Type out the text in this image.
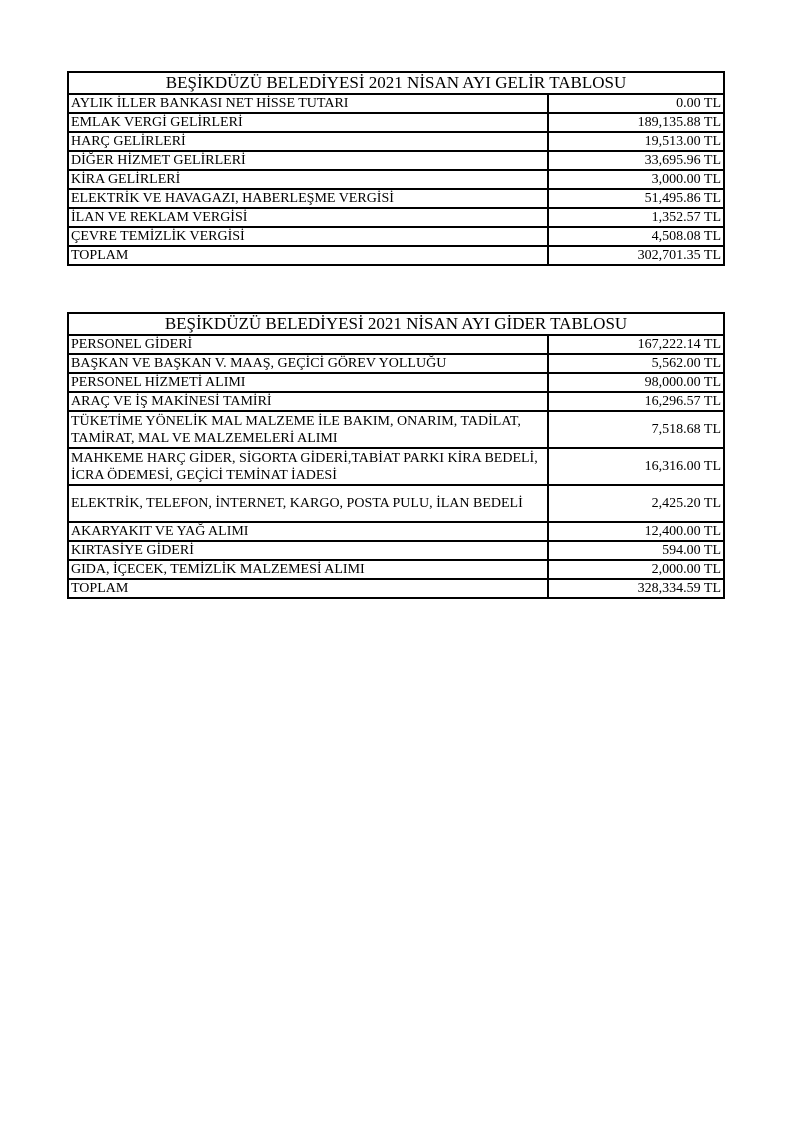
BEŞİKDÜZÜ BELEDİYESİ 2021 NİSAN AYI GELİR TABLOSU	
AYLIK İLLER BANKASI NET HİSSE TUTARI	0.00 TL
EMLAK VERGİ GELİRLERİ	189,135.88 TL
HARÇ GELİRLERİ	19,513.00 TL
DİĞER HİZMET GELİRLERİ	33,695.96 TL
KİRA GELİRLERİ	3,000.00 TL
ELEKTRİK VE HAVAGAZI, HABERLEŞME VERGİSİ	51,495.86 TL
İLAN VE REKLAM VERGİSİ	1,352.57 TL
ÇEVRE TEMİZLİK VERGİSİ	4,508.08 TL
TOPLAM	302,701.35 TL
BEŞİKDÜZÜ BELEDİYESİ 2021 NİSAN AYI GİDER TABLOSU	
PERSONEL GİDERİ	167,222.14 TL
BAŞKAN VE BAŞKAN V. MAAŞ, GEÇİCİ GÖREV YOLLUĞU	5,562.00 TL
PERSONEL HİZMETİ ALIMI	98,000.00 TL
ARAÇ VE İŞ MAKİNESİ TAMİRİ	16,296.57 TL
TÜKETİME YÖNELİK MAL MALZEME İLE BAKIM, ONARIM, TADİLAT, TAMİRAT, MAL VE MALZEMELERİ ALIMI	7,518.68 TL
MAHKEME HARÇ GİDER, SİGORTA GİDERİ,TABİAT PARKI KİRA BEDELİ, İCRA ÖDEMESİ, GEÇİCİ TEMİNAT İADESİ	16,316.00 TL
ELEKTRİK, TELEFON, İNTERNET, KARGO, POSTA PULU, İLAN BEDELİ	2,425.20 TL
AKARYAKIT VE YAĞ ALIMI	12,400.00 TL
KIRTASİYE GİDERİ	594.00 TL
GIDA, İÇECEK, TEMİZLİK MALZEMESİ ALIMI	2,000.00 TL
TOPLAM	328,334.59 TL
